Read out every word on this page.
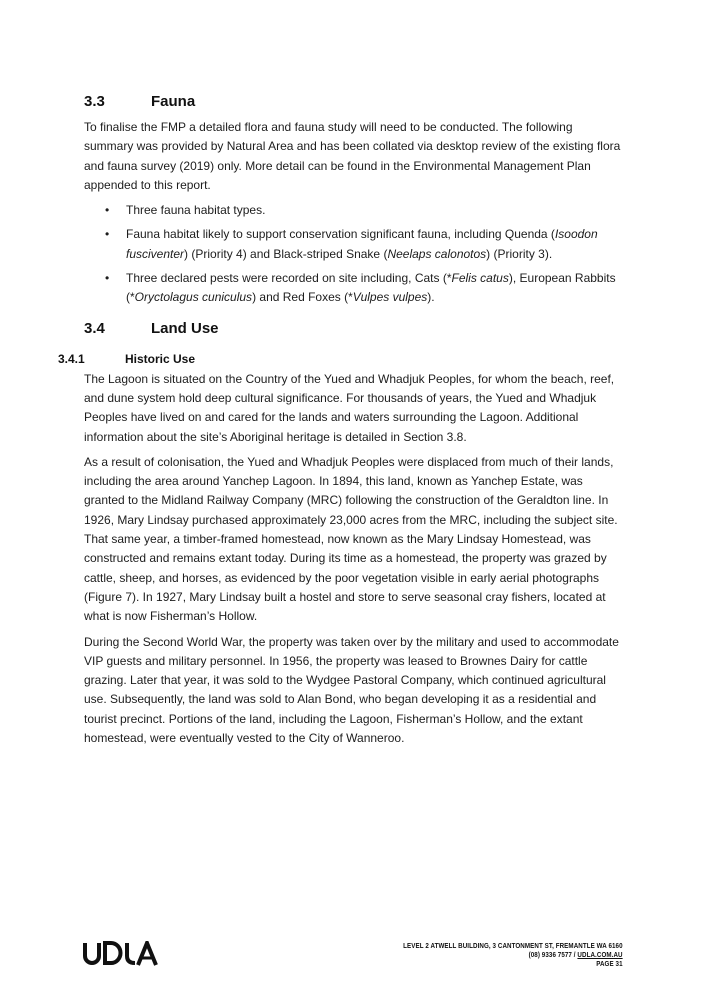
3.3	Fauna

To finalise the FMP a detailed flora and fauna study will need to be conducted. The following summary was provided by Natural Area and has been collated via desktop review of the existing flora and fauna survey (2019) only. More detail can be found in the Environmental Management Plan appended to this report.

• Three fauna habitat types.
• Fauna habitat likely to support conservation significant fauna, including Quenda (Isoodon fusciventer) (Priority 4) and Black-striped Snake (Neelaps calonotos) (Priority 3).
• Three declared pests were recorded on site including, Cats (*Felis catus), European Rabbits (*Oryctolagus cuniculus) and Red Foxes (*Vulpes vulpes).
3.4	Land Use
3.4.1	Historic Use

The Lagoon is situated on the Country of the Yued and Whadjuk Peoples, for whom the beach, reef, and dune system hold deep cultural significance. For thousands of years, the Yued and Whadjuk Peoples have lived on and cared for the lands and waters surrounding the Lagoon. Additional information about the site’s Aboriginal heritage is detailed in Section 3.8.

As a result of colonisation, the Yued and Whadjuk Peoples were displaced from much of their lands, including the area around Yanchep Lagoon. In 1894, this land, known as Yanchep Estate, was granted to the Midland Railway Company (MRC) following the construction of the Geraldton line. In 1926, Mary Lindsay purchased approximately 23,000 acres from the MRC, including the subject site. That same year, a timber-framed homestead, now known as the Mary Lindsay Homestead, was constructed and remains extant today. During its time as a homestead, the property was grazed by cattle, sheep, and horses, as evidenced by the poor vegetation visible in early aerial photographs (Figure 7). In 1927, Mary Lindsay built a hostel and store to serve seasonal cray fishers, located at what is now Fisherman’s Hollow.

During the Second World War, the property was taken over by the military and used to accommodate VIP guests and military personnel. In 1956, the property was leased to Brownes Dairy for cattle grazing. Later that year, it was sold to the Wydgee Pastoral Company, which continued agricultural use. Subsequently, the land was sold to Alan Bond, who began developing it as a residential and tourist precinct. Portions of the land, including the Lagoon, Fisherman’s Hollow, and the extant homestead, were eventually vested to the City of Wanneroo.

LEVEL 2 ATWELL BUILDING, 3 CANTONMENT ST, FREMANTLE WA 6160
(08) 9336 7577 / UDLA.COM.AU
PAGE 31
